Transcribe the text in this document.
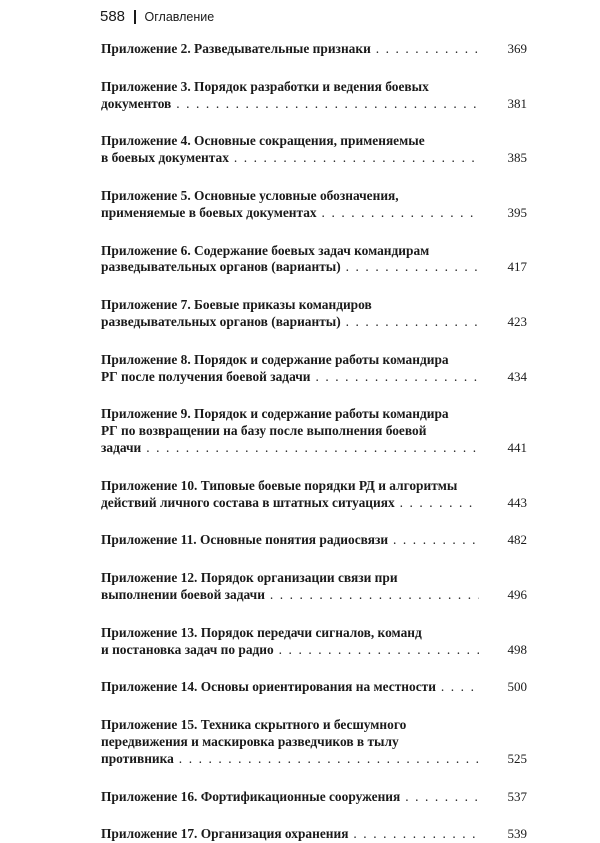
588 Оглавление
Приложение 2. Разведывательные признаки . . .	369
Приложение 3. Порядок разработки и ведения боевых
документов . . .	381
Приложение 4. Основные сокращения, применяемые
в боевых документах . . .	385
Приложение 5. Основные условные обозначения,
применяемые в боевых документах . . .	395
Приложение 6. Содержание боевых задач командирам
разведывательных органов (варианты) . . .	417
Приложение 7. Боевые приказы командиров
разведывательных органов (варианты) . . .	423
Приложение 8. Порядок и содержание работы командира
РГ после получения боевой задачи . . .	434
Приложение 9. Порядок и содержание работы командира
РГ по возвращении на базу после выполнения боевой
задачи . . .	441
Приложение 10. Типовые боевые порядки РД и алгоритмы
действий личного состава в штатных ситуациях . . .	443
Приложение 11. Основные понятия радиосвязи . . .	482
Приложение 12. Порядок организации связи при
выполнении боевой задачи . . .	496
Приложение 13. Порядок передачи сигналов, команд
и постановка задач по радио . . .	498
Приложение 14. Основы ориентирования на местности . . .	500
Приложение 15. Техника скрытного и бесшумного
передвижения и маскировка разведчиков в тылу
противника . . .	525
Приложение 16. Фортификационные сооружения . . .	537
Приложение 17. Организация охранения . . .	539
